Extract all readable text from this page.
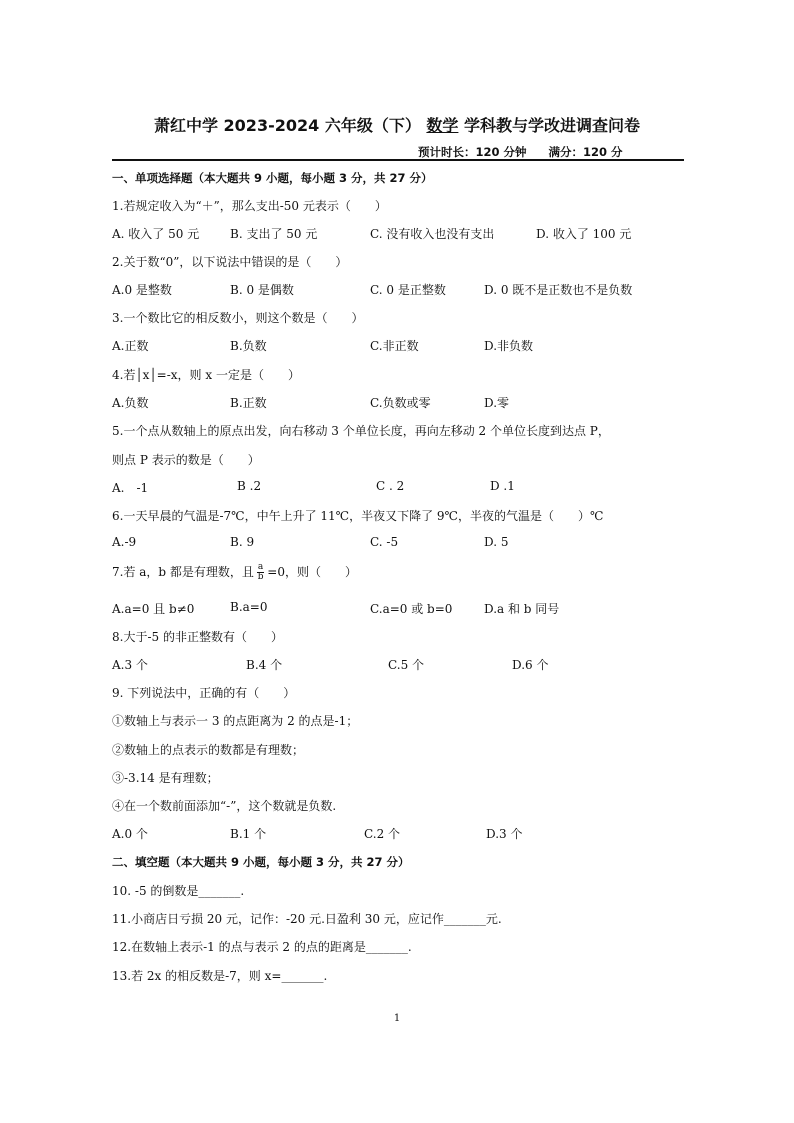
萧红中学 2023-2024 六年级（下） 数学 学科教与学改进调查问卷
预计时长：120 分钟 满分：120 分
一、单项选择题（本大题共 9 小题，每小题 3 分，共 27 分）
1.若规定收入为“＋”，那么支出-50 元表示（　　）
A. 收入了 50 元	B. 支出了 50 元	C. 没有收入也没有支出	D. 收入了 100 元
2.关于数“0”，以下说法中错误的是（　　）
A.0 是整数	B. 0 是偶数	C. 0 是正整数	D. 0 既不是正数也不是负数
3.一个数比它的相反数小，则这个数是（　　）
A.正数	B.负数	C.非正数	D.非负数
4.若│x│=-x，则 x 一定是（　　）
A.负数	B.正数	C.负数或零	D.零
5.一个点从数轴上的原点出发，向右移动 3 个单位长度，再向左移动 2 个单位长度到达点 P，
则点 P 表示的数是（　　）
A.　-1	B .2	C . 2	D .1
6.一天早晨的气温是-7℃，中午上升了 11℃，半夜又下降了 9℃，半夜的气温是（　　）℃
A.-9	B. 9	C. -5	D. 5
7.若 a，b 都是有理数，且 $\frac{a}{b} =0$，则（　　）
A.a=0 且 b≠0	B.a=0	C.a=0 或 b=0	D.a 和 b 同号
8.大于-5 的非正整数有（　　）
A.3 个	B.4 个	C.5 个	D.6 个
9. 下列说法中，正确的有（　　）
①数轴上与表示一 3 的点距离为 2 的点是-1；
②数轴上的点表示的数都是有理数；
③-3.14 是有理数；
④在一个数前面添加“-”，这个数就是负数.
A.0 个	B.1 个	C.2 个	D.3 个
二、填空题（本大题共 9 小题，每小题 3 分，共 27 分）
10. -5 的倒数是_______.
11.小商店日亏损 20 元，记作：-20 元.日盈利 30 元，应记作_______元.
12.在数轴上表示-1 的点与表示 2 的点的距离是_______.
13.若 2x 的相反数是-7，则 x=_______.
1
